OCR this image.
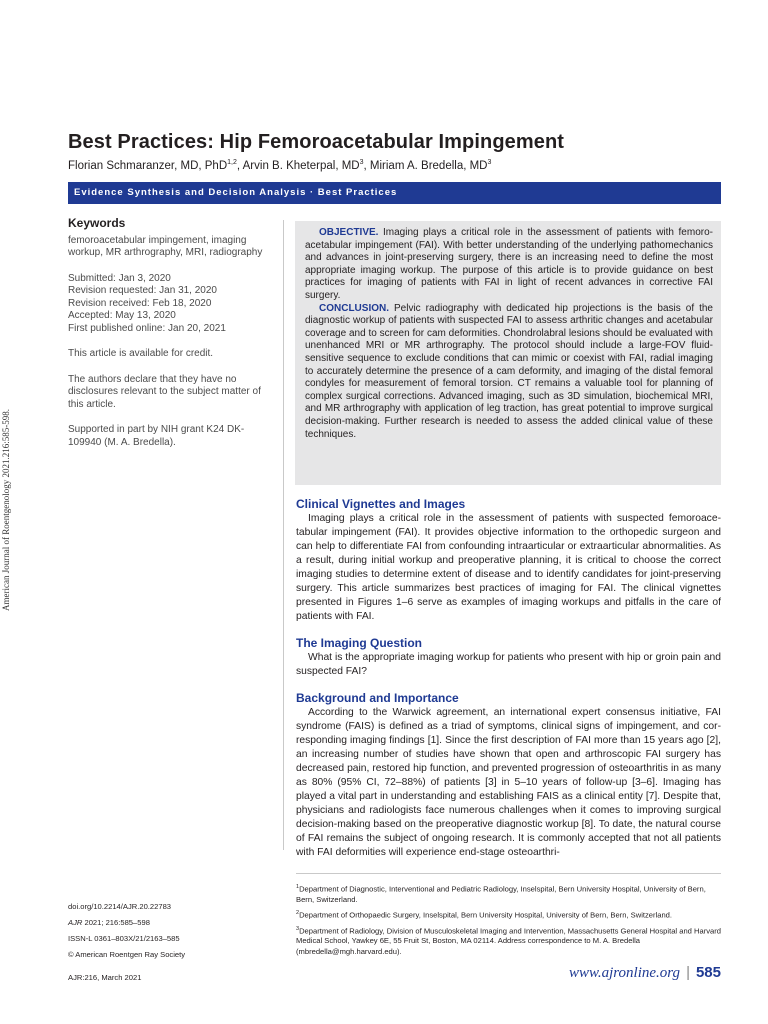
American Journal of Roentgenology 2021.216:585-598.
Best Practices: Hip Femoroacetabular Impingement
Florian Schmaranzer, MD, PhD$^{1,2}$, Arvin B. Kheterpal, $MD^3$, Miriam A. Bredella, $MD^3$
Evidence Synthesis and Decision Analysis · Best Practices
Keywords

femoroacetabular impingement, imaging workup, MR arthrography, MRI, radiography

Submitted: Jan 3, 2020
Revision requested: Jan 31, 2020
Revision received: Feb 18, 2020
Accepted: May 13, 2020
First published online: Jan 20, 2021

This article is available for credit.

The authors declare that they have no disclosures relevant to the subject matter of this article.

Supported in part by NIH grant K24 DK-109940 (M. A. Bredella).

OBJECTIVE. Imaging plays a critical role in the assessment of patients with femoroacetabular impingement (FAI). With better understanding of the underlying pathomechanics and advances in joint-preserving surgery, there is an increasing need to define the most appropriate imaging workup. The purpose of this article is to provide guidance on best practices for imaging of patients with FAI in light of recent advances in corrective FAI surgery.

CONCLUSION. Pelvic radiography with dedicated hip projections is the basis of the diagnostic workup of patients with suspected FAI to assess arthritic changes and acetabular coverage and to screen for cam deformities. Chondrolabral lesions should be evaluated with unenhanced MRI or MR arthrography. The protocol should include a large-FOV fluid-sensitive sequence to exclude conditions that can mimic or coexist with FAI, radial imaging to accurately determine the presence of a cam deformity, and imaging of the distal femoral condyles for measurement of femoral torsion. CT remains a valuable tool for planning of complex surgical corrections. Advanced imaging, such as 3D simulation, biochemical MRI, and MR arthrography with application of leg traction, has great potential to improve surgical decision-making. Further research is needed to assess the added clinical value of these techniques.

Clinical Vignettes and Images

Imaging plays a critical role in the assessment of patients with suspected femoroacetabular impingement (FAI). It provides objective information to the orthopedic surgeon and can help to differentiate FAI from confounding intraarticular or extraarticular abnormalities. As a result, during initial workup and preoperative planning, it is critical to choose the correct imaging studies to determine extent of disease and to identify candidates for joint-preserving surgery. This article summarizes best practices of imaging for FAI. The clinical vignettes presented in Figures 1–6 serve as examples of imaging workups and pitfalls in the care of patients with FAI.

The Imaging Question

What is the appropriate imaging workup for patients who present with hip or groin pain and suspected FAI?

Background and Importance

According to the Warwick agreement, an international expert consensus initiative, FAI syndrome (FAIS) is defined as a triad of symptoms, clinical signs of impingement, and corresponding imaging findings [1]. Since the first description of FAI more than 15 years ago [2], an increasing number of studies have shown that open and arthroscopic FAI surgery has decreased pain, restored hip function, and prevented progression of osteoarthritis in as many as 80% (95% CI, 72–88%) of patients [3] in 5–10 years of follow-up [3–6]. Imaging has played a vital part in understanding and establishing FAIS as a clinical entity [7]. Despite that, physicians and radiologists face numerous challenges when it comes to improving surgical decision-making based on the preoperative diagnostic workup [8]. To date, the natural course of FAI remains the subject of ongoing research. It is commonly accepted that not all patients with FAI deformities will experience end-stage osteoarthri-

$^1$Department of Diagnostic, Interventional and Pediatric Radiology, Inselspital, Bern University Hospital, University of Bern, Bern, Switzerland.

$^2$Department of Orthopaedic Surgery, Inselspital, Bern University Hospital, University of Bern, Bern, Switzerland.

$^3$Department of Radiology, Division of Musculoskeletal Imaging and Intervention, Massachusetts General Hospital and Harvard Medical School, Yawkey 6E, 55 Fruit St, Boston, MA 02114. Address correspondence to M. A. Bredella (mbredella@mgh.harvard.edu).

doi.org/10.2214/AJR.20.22783
AJR 2021; 216:585–598
ISSN-L 0361–803X/21/2163–585
© American Roentgen Ray Society
AJR:216, March 2021	www.ajronline.org | 585
